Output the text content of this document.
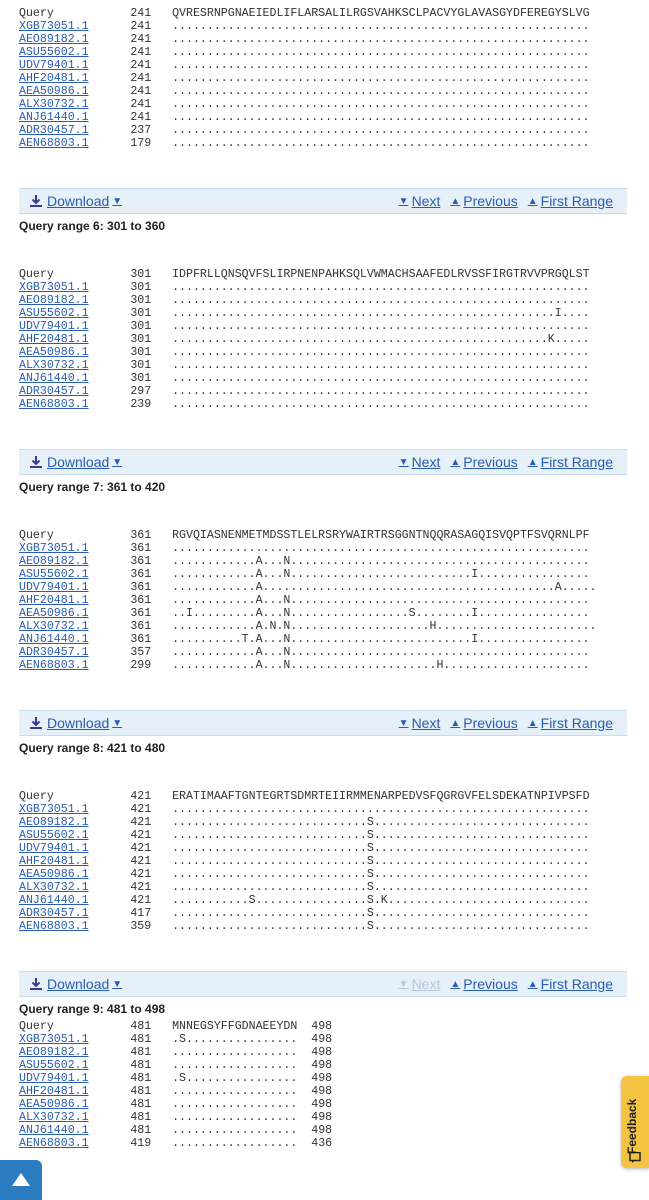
Query	241 QVRESRNPGNAEIEDLIFLARSALILRGSVAHKSCLPACVYGLAVASGYDFEREGYSLVG
XGB73051.1	241 ............................................................
AEO89182.1	241 ............................................................
ASU55602.1	241 ............................................................
UDV79401.1	241 ............................................................
AHF20481.1	241 ............................................................
AEA50986.1	241 ............................................................
ALX30732.1	241 ............................................................
ANJ61440.1	241 ............................................................
ADR30457.1	237 ............................................................
AEN68803.1	179 ............................................................
Download ▼	▼ Next ▲ Previous ▲ First Range
Query range 6: 301 to 360
Query	301 IDPFRLLQNSQVFSLIRPNENPAHKSQLVWMACHSAAFEDLRVSSFIRGTRVVPRGQLST
XGB73051.1	301 ............................................................
AEO89182.1	301 ............................................................
ASU55602.1	301 .......................................................I....
UDV79401.1	301 ............................................................
AHF20481.1	301 ......................................................K.....
AEA50986.1	301 ............................................................
ALX30732.1	301 ............................................................
ANJ61440.1	301 ............................................................
ADR30457.1	297 ............................................................
AEN68803.1	239 ............................................................
Download ▼	▼ Next ▲ Previous ▲ First Range
Query range 7: 361 to 420
Query	361 RGVQIASNENMETMDSSTLELRSRYWAIRTRSGGNTNQQRASAGQISVQPTFSVQRNLPF
XGB73051.1	361 ............................................................
AEO89182.1	361 ............A...N...........................................
ASU55602.1	361 ............A...N..........................I................
UDV79401.1	361 ............A..........................................A.....
AHF20481.1	361 ............A...N...........................................
AEA50986.1	361 ..I.........A...N.................S........I................
ALX30732.1	361 ............A.N.N....................H.......................
ANJ61440.1	361 ..........T.A...N..........................I................
ADR30457.1	357 ............A...N...........................................
AEN68803.1	299 ............A...N.....................H.....................
Download ▼	▼ Next ▲ Previous ▲ First Range
Query range 8: 421 to 480
Query	421 ERATIMAAFTGNTEGRTSDMRTEIIRMMENARPEDVSFQGRGVFELSDEKATNPIVPSFD
XGB73051.1	421 ............................................................
AEO89182.1	421 ............................S...............................
ASU55602.1	421 ............................S...............................
UDV79401.1	421 ............................S...............................
AHF20481.1	421 ............................S...............................
AEA50986.1	421 ............................S...............................
ALX30732.1	421 ............................S...............................
ANJ61440.1	421 ...........S................S.K.............................
ADR30457.1	417 ............................S...............................
AEN68803.1	359 ............................S...............................
Download ▼	▼ Next ▲ Previous ▲ First Range
Query range 9: 481 to 498
Query	481 MNNEGSYFFGDNAEEYDN 498
XGB73051.1	481 .S................ 498
AEO89182.1	481 .................. 498
ASU55602.1	481 .................. 498
UDV79401.1	481 .S................ 498
AHF20481.1	481 .................. 498
AEA50986.1	481 .................. 498
ALX30732.1	481 .................. 498
ANJ61440.1	481 .................. 498
AEN68803.1	419 .................. 436	Feedback
